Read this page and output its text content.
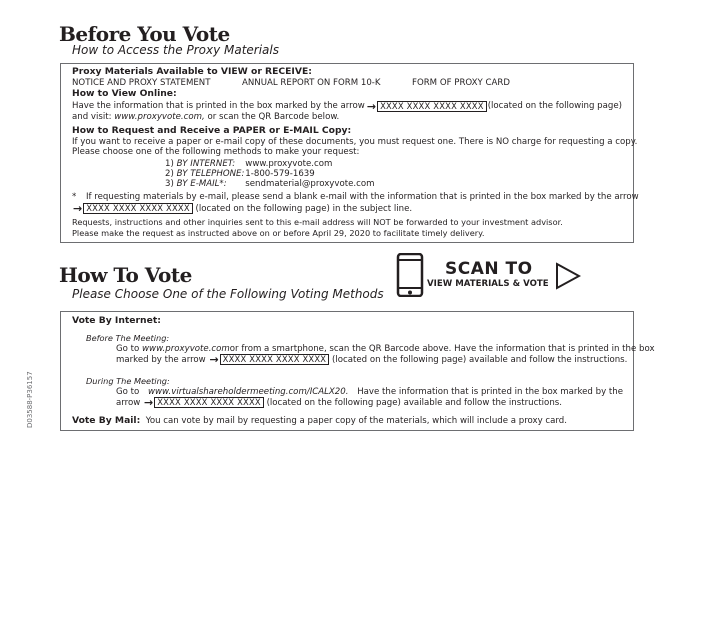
Before You Vote
How to Access the Proxy Materials
Proxy Materials Available to VIEW or RECEIVE:
NOTICE AND PROXY STATEMENT	ANNUAL REPORT ON FORM 10-K	FORM OF PROXY CARD
How to View Online:
Have the information that is printed in the box marked by the arrow → XXXX XXXX XXXX XXXX (located on the following page)
and visit: www.proxyvote.com, or scan the QR Barcode below.
How to Request and Receive a PAPER or E-MAIL Copy:
If you want to receive a paper or e-mail copy of these documents, you must request one. There is NO charge for requesting a copy.
Please choose one of the following methods to make your request:
1) BY INTERNET: www.proxyvote.com
2) BY TELEPHONE: 1-800-579-1639
3) BY E-MAIL*: sendmaterial@proxyvote.com
* If requesting materials by e-mail, please send a blank e-mail with the information that is printed in the box marked by the arrow
→ XXXX XXXX XXXX XXXX (located on the following page) in the subject line.
Requests, instructions and other inquiries sent to this e-mail address will NOT be forwarded to your investment advisor.
Please make the request as instructed above on or before April 29, 2020 to facilitate timely delivery.
How To Vote
Please Choose One of the Following Voting Methods
SCAN TO
VIEW MATERIALS & VOTE
Vote By Internet:
Before The Meeting:
Go to www.proxyvote.com or from a smartphone, scan the QR Barcode above. Have the information that is printed in the box
marked by the arrow → XXXX XXXX XXXX XXXX (located on the following page) available and follow the instructions.
During The Meeting:
Go to www.virtualshareholdermeeting.com/ICALX20. Have the information that is printed in the box marked by the
arrow → XXXX XXXX XXXX XXXX (located on the following page) available and follow the instructions.
Vote By Mail: You can vote by mail by requesting a paper copy of the materials, which will include a proxy card.
D03588-P36157
